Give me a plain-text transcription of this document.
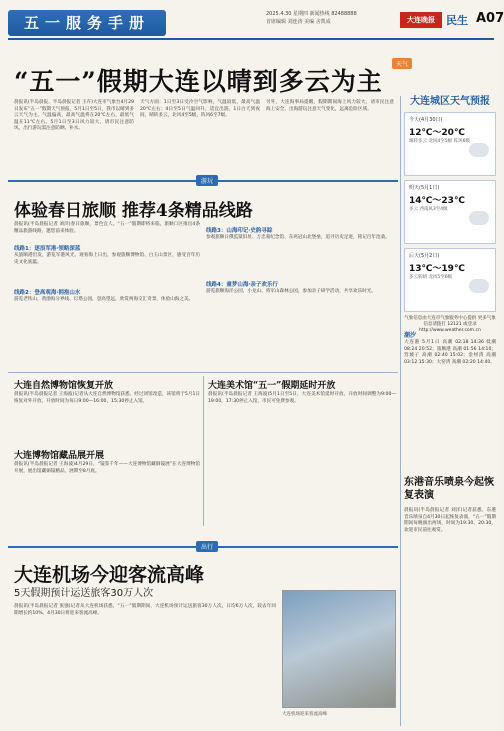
五一服务手册	2025.4.30 星期四 新闻热线 82488888
首席编辑 刘连涛 美编 舍凯成	大连晚报	民生 A07
天气
“五一”假期大连以晴到多云为主
晨报讯(半岛晨报、半岛晨报记者 王卉)大连市气象台4月29日发布“五一”假期天气预报，5月1日至5日，我市以晴到多云天气为主。气温偏高，最高气温将在20℃左右，最低气温在11℃左右。5月1日至3日风力较大，请市民注意防风。出行游玩需注意防晒、补水。
天气方面：1日至3日受冷空气影响，气温较低，最高气温20℃左右；4日至5日气温回升，适宜出游。1日白天到夜间，晴转多云，北风4至5级，阵风6至7级。
另外，大连海事局提醒，假期期间海上风力较大，请市民注意海上安全，出海游玩注意天气变化，远离危险区域。
大连城区天气预报
今天(4月30日)
12℃～20℃
晴转多云 北风4至5级 阵风6级
明天(5月1日)
14℃～23℃
多云 西南风3至4级
后天(5月2日)
13℃～19℃
多云转晴 北风5至6级
气象信息由大连市气象服务中心提供 更多气象信息请拨打 12121 或登录 http://www.weather.com.cn
潮汐
大连港 5月1日 高潮 02:18 14:36 低潮 08:24 20:52；旅顺港 高潮 01:56 14:10；营城子 高潮 02:40 15:02；金州湾 高潮 03:12 15:30；大窑湾 高潮 02:20 14:40。
游玩
体验春日旅顺 推荐4条精品线路
晨报讯(半岛晨报记者 刘洋)春日旅顺，景色宜人。“五一”假期即将来临，旅顺口区推出4条精品旅游线路，邀您前来体验。
线路1：逐浪军港·领略深蓝
从旅顺港出发，游览军港风光，观看海上日出，参观旅顺博物馆、白玉山景区，感受百年历史文化底蕴。
线路2：登高观海·拥抱山水
游览老铁山、黄渤海分界线、灯塔公园，登高望远，欣赏两海交汇奇景，体验山海之美。
线路3：山海印记·史韵寻踪
参观旅顺日俄监狱旧址、万忠墓纪念馆、东鸡冠山北堡垒，追寻历史足迹，铭记百年沧桑。
线路4：童梦山海·亲子欢乐行
游览旅顺海洋公园、小龙山、将军山森林公园，参加亲子研学活动，共享欢乐时光。
大连自然博物馆恢复开放
晨报讯(半岛晨报记者 王海波)记者从大连自然博物馆获悉，经过闭馆改造，该馆将于5月1日恢复对外开放，开放时间为每日9:00—16:00，15:30停止入馆。
大连博物馆藏品展开展
晨报讯(半岛晨报记者 王海波)4月29日，“镜鉴千年——大连博物馆藏铜镜展”在大连博物馆开展，展出馆藏铜镜精品，展期至8月底。
大连美术馆“五一”假期延时开放
晨报讯(半岛晨报记者 王海波)5月1日至5日，大连美术馆延时开放，开放时间调整为9:00—19:00，17:30停止入馆，市民可免费参观。
东港音乐喷泉今起恢复表演
晨报讯(半岛晨报记者 刘洋)记者获悉，东港音乐喷泉自4月30日起恢复表演，“五一”假期期间每晚演出两场，时间为19:30、20:30，欢迎市民前往观赏。
出行
大连机场今迎客流高峰
5天假期预计运送旅客30万人次
晨报讯(半岛晨报记者 张强)记者从大连机场获悉，“五一”假期期间，大连机场预计运送旅客30万人次，日均6万人次，较去年同期增长约10%。4月30日将迎来客流高峰。
大连机场迎来客流高峰
